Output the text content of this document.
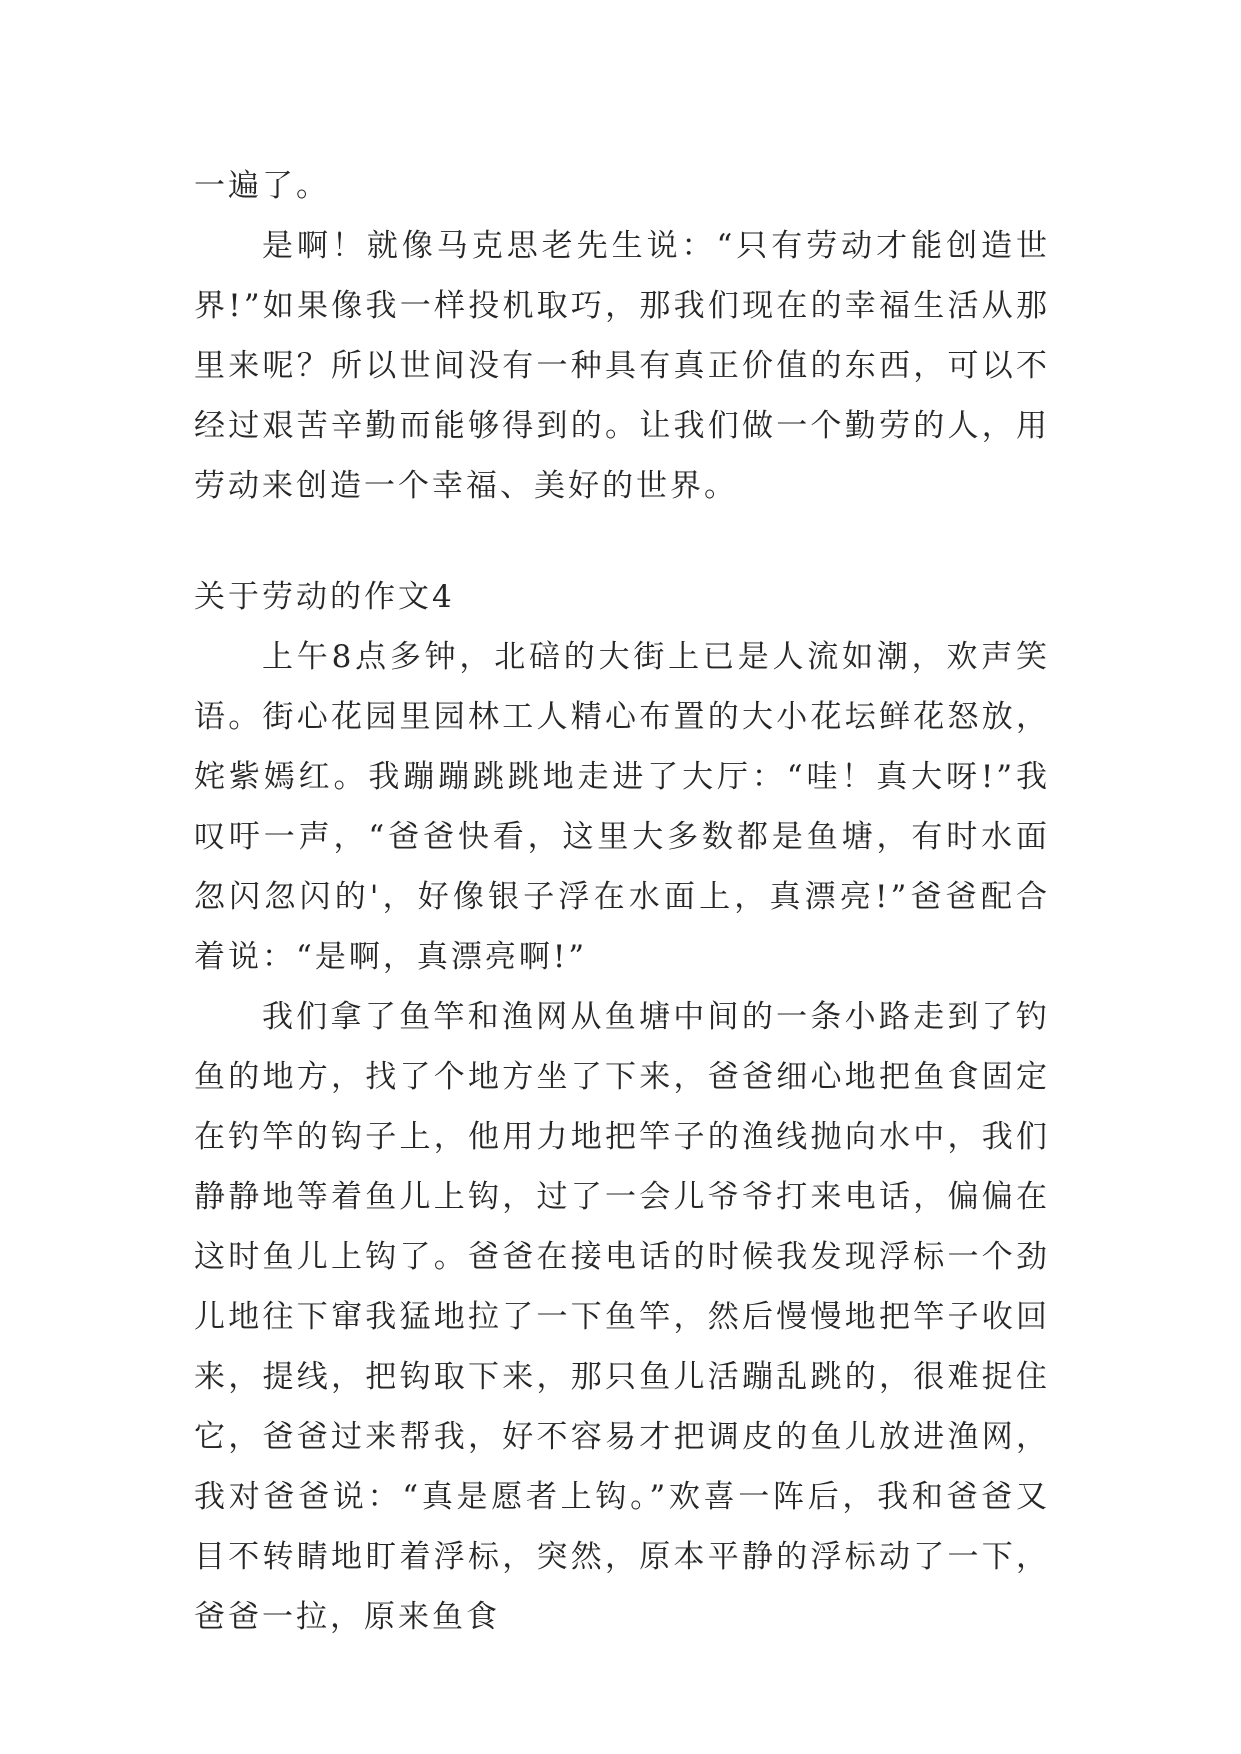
一遍了。

是啊！就像马克思老先生说：“只有劳动才能创造世界!”如果像我一样投机取巧，那我们现在的幸福生活从那里来呢？所以世间没有一种具有真正价值的东西，可以不经过艰苦辛勤而能够得到的。让我们做一个勤劳的人，用劳动来创造一个幸福、美好的世界。

关于劳动的作文4

上午8点多钟，北碚的大街上已是人流如潮，欢声笑语。街心花园里园林工人精心布置的大小花坛鲜花怒放，姹紫嫣红。我蹦蹦跳跳地走进了大厅：“哇！真大呀!”我叹吁一声，“爸爸快看，这里大多数都是鱼塘，有时水面忽闪忽闪的'，好像银子浮在水面上，真漂亮!”爸爸配合着说：“是啊，真漂亮啊!”

我们拿了鱼竿和渔网从鱼塘中间的一条小路走到了钓鱼的地方，找了个地方坐了下来，爸爸细心地把鱼食固定在钓竿的钩子上，他用力地把竿子的渔线抛向水中，我们静静地等着鱼儿上钩，过了一会儿爷爷打来电话，偏偏在这时鱼儿上钩了。爸爸在接电话的时候我发现浮标一个劲儿地往下窜我猛地拉了一下鱼竿，然后慢慢地把竿子收回来，提线，把钩取下来，那只鱼儿活蹦乱跳的，很难捉住它，爸爸过来帮我，好不容易才把调皮的鱼儿放进渔网，我对爸爸说：“真是愿者上钩。”欢喜一阵后，我和爸爸又目不转睛地盯着浮标，突然，原本平静的浮标动了一下，爸爸一拉，原来鱼食
